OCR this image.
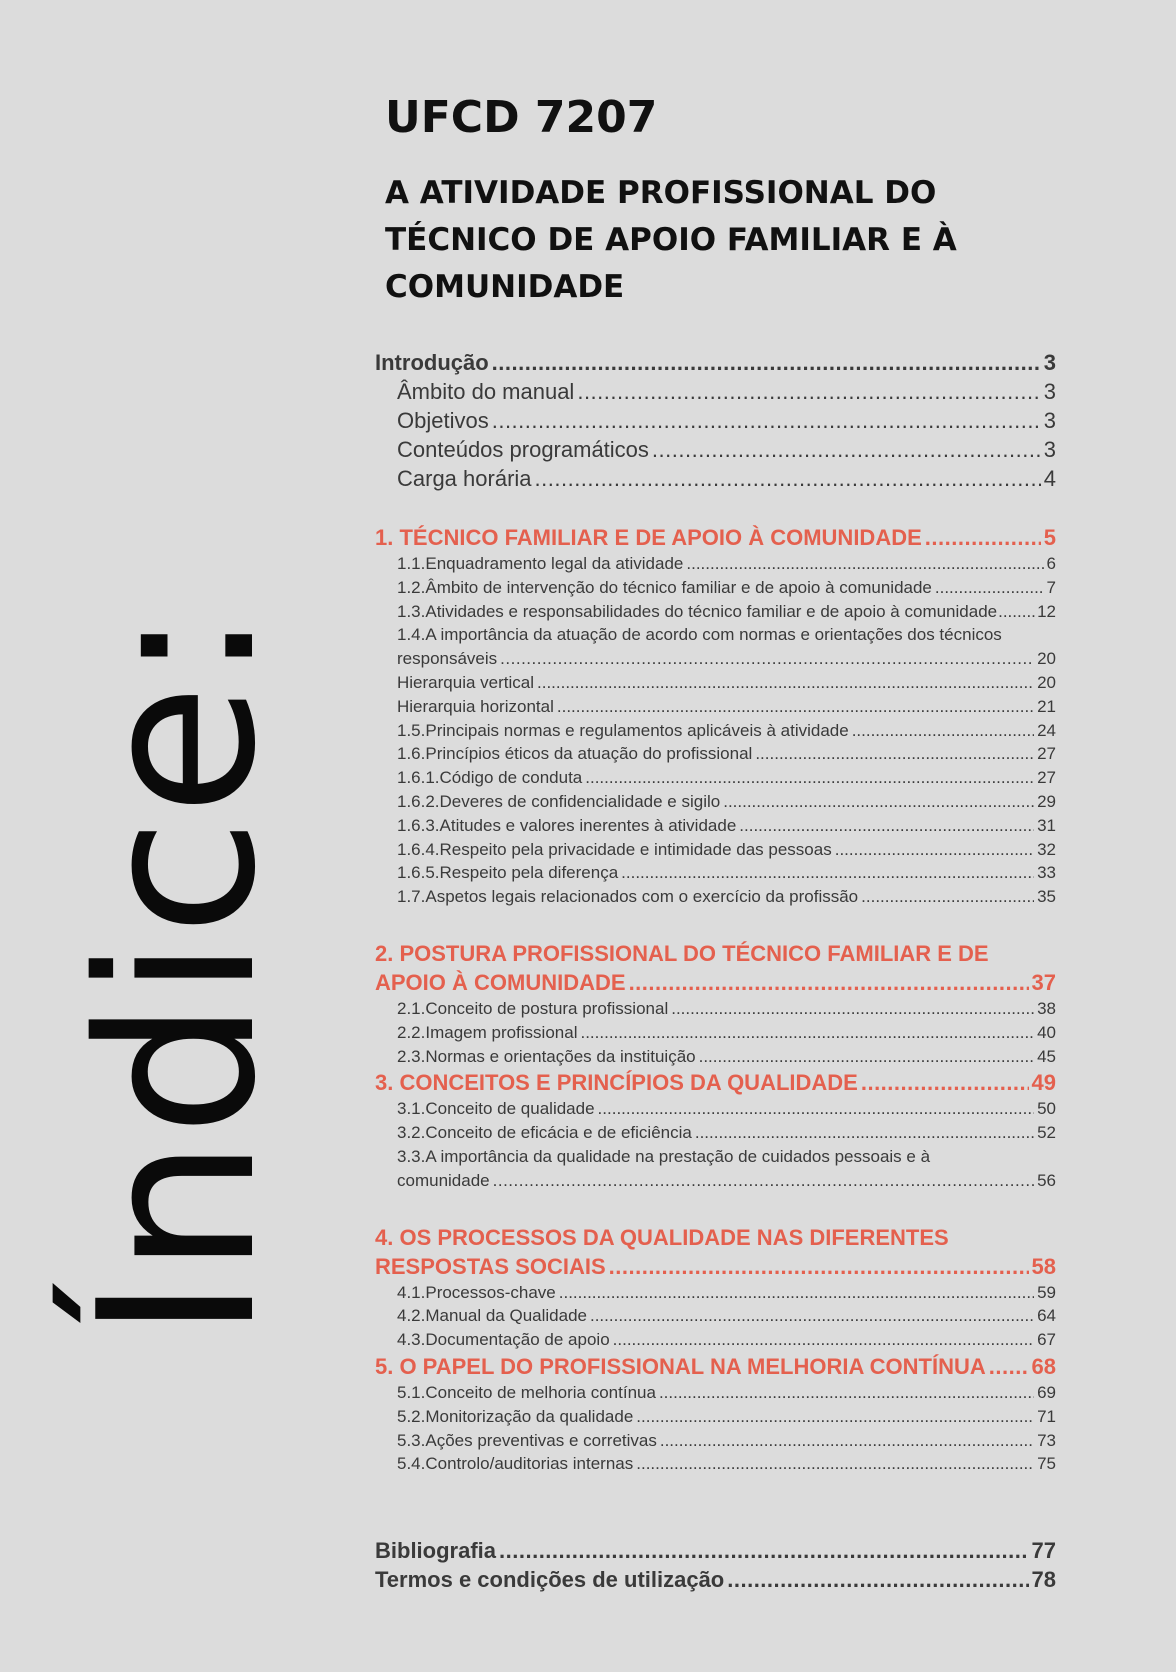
Índice:
UFCD 7207
A ATIVIDADE PROFISSIONAL DO
TÉCNICO DE APOIO FAMILIAR E À
COMUNIDADE
Introdução .....	3
Âmbito do manual .....	3
Objetivos .....	3
Conteúdos programáticos .....	3
Carga horária .....	4
1. TÉCNICO FAMILIAR E DE APOIO À COMUNIDADE .....	5
1.1.Enquadramento legal da atividade .....	6
1.2.Âmbito de intervenção do técnico familiar e de apoio à comunidade .....	7
1.3.Atividades e responsabilidades do técnico familiar e de apoio à comunidade ..... 12
1.4.A importância da atuação de acordo com normas e orientações dos técnicos
responsáveis .....	20
Hierarquia vertical .....	20
Hierarquia horizontal .....	21
1.5.Principais normas e regulamentos aplicáveis à atividade .....	24
1.6.Princípios éticos da atuação do profissional .....	27
1.6.1.Código de conduta .....	27
1.6.2.Deveres de confidencialidade e sigilo .....	29
1.6.3.Atitudes e valores inerentes à atividade .....	31
1.6.4.Respeito pela privacidade e intimidade das pessoas .....	32
1.6.5.Respeito pela diferença .....	33
1.7.Aspetos legais relacionados com o exercício da profissão .....	35
2. POSTURA PROFISSIONAL DO TÉCNICO FAMILIAR E DE
APOIO À COMUNIDADE .....	37
2.1.Conceito de postura profissional .....	38
2.2.Imagem profissional .....	40
2.3.Normas e orientações da instituição .....	45
3. CONCEITOS E PRINCÍPIOS DA QUALIDADE .....	49
3.1.Conceito de qualidade .....	50
3.2.Conceito de eficácia e de eficiência .....	52
3.3.A importância da qualidade na prestação de cuidados pessoais e à
comunidade .....	56
4. OS PROCESSOS DA QUALIDADE NAS DIFERENTES
RESPOSTAS SOCIAIS .....	58
4.1.Processos-chave .....	59
4.2.Manual da Qualidade .....	64
4.3.Documentação de apoio .....	67
5. O PAPEL DO PROFISSIONAL NA MELHORIA CONTÍNUA ..... 68
5.1.Conceito de melhoria contínua .....	69
5.2.Monitorização da qualidade .....	71
5.3.Ações preventivas e corretivas .....	73
5.4.Controlo/auditorias internas .....	75
Bibliografia .....	77
Termos e condições de utilização .....	78
